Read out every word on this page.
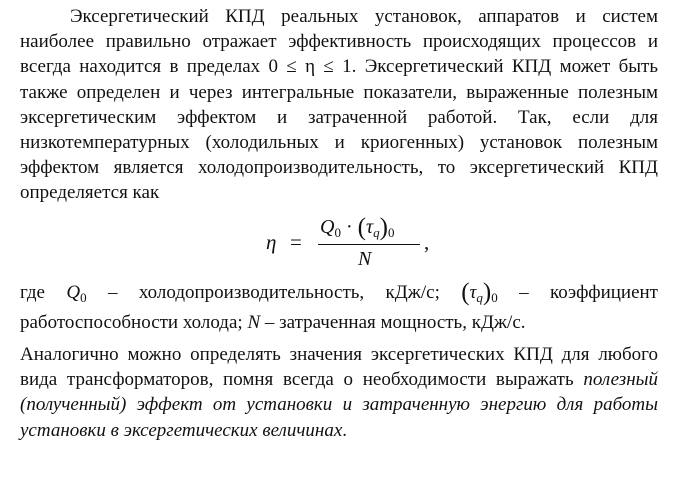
Эксергетический КПД реальных установок, аппаратов и систем наиболее правильно отражает эффективность происходящих процессов и всегда находится в пределах 0 ≤ η ≤ 1. Эксергетический КПД может быть также определен и через интегральные показатели, выраженные полезным эксергетическим эффектом и затраченной работой. Так, если для низкотемпературных (холодильных и криогенных) установок полезным эффектом является холодопроизводительность, то эксергетический КПД определяется как

η =
$Q_0 \cdot (\tau_q)_0$
N
,

где $Q_0$ – холодопроизводительность, кДж/с; $(\tau_q)_0$ – коэффициент работоспособности холода; N – затраченная мощность, кДж/с.

Аналогично можно определять значения эксергетических КПД для любого вида трансформаторов, помня всегда о необходимости выражать полезный (полученный) эффект от установки и затраченную энергию для работы установки в эксергетических величинах.
